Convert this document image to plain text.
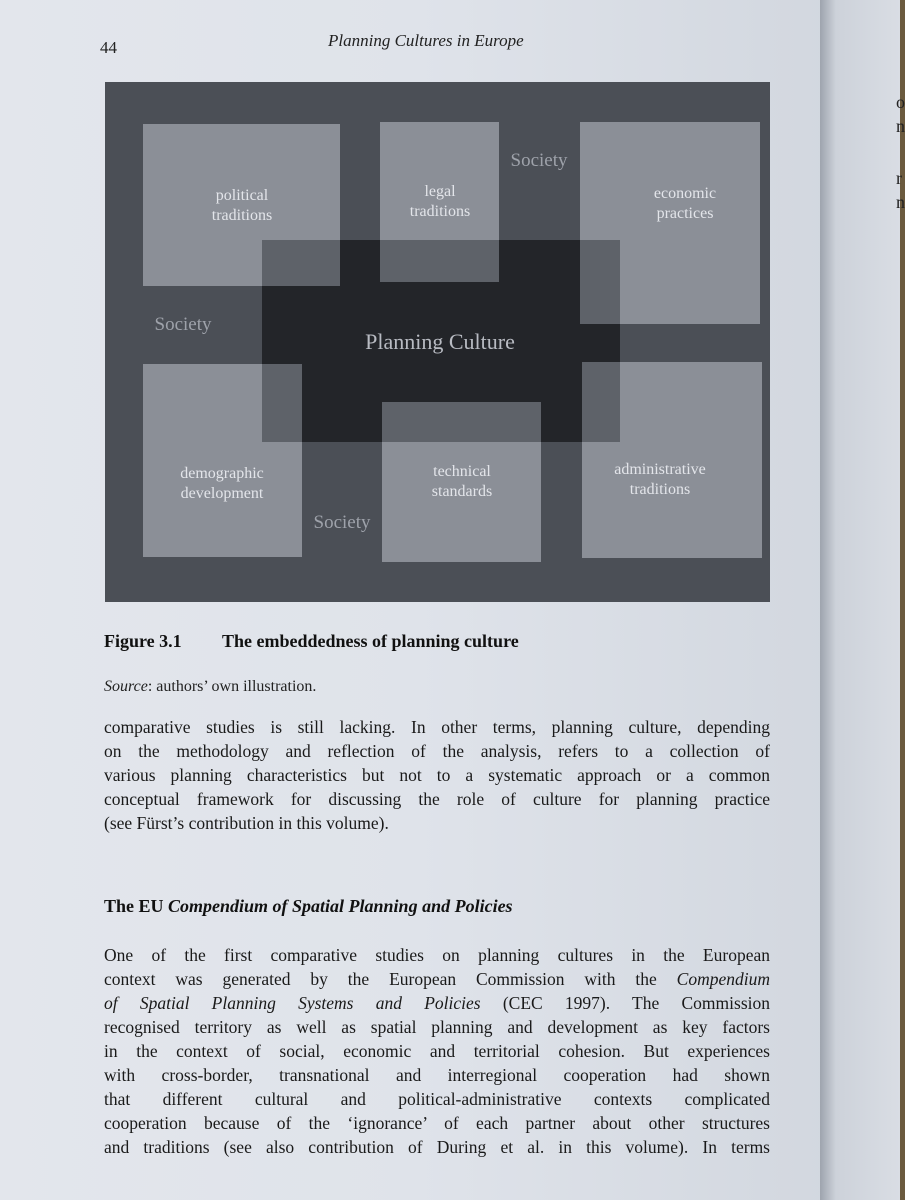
44	Planning Cultures in Europe
political
traditions
legal
traditions
economic
practices
demographic
development
technical
standards
administrative
traditions
Society
Society
Society
Planning Culture
Figure 3.1 The embeddedness of planning culture
Source: authors’ own illustration.
comparative studies is still lacking. In other terms, planning culture, depending
on the methodology and reflection of the analysis, refers to a collection of
various planning characteristics but not to a systematic approach or a common
conceptual framework for discussing the role of culture for planning practice
(see Fürst’s contribution in this volume).
The EU Compendium of Spatial Planning and Policies
One of the first comparative studies on planning cultures in the European
context was generated by the European Commission with the Compendium
of Spatial Planning Systems and Policies (CEC 1997). The Commission
recognised territory as well as spatial planning and development as key factors
in the context of social, economic and territorial cohesion. But experiences
with cross-border, transnational and interregional cooperation had shown
that different cultural and political-administrative contexts complicated
cooperation because of the ‘ignorance’ of each partner about other structures
and traditions (see also contribution of During et al. in this volume). In terms
o
n
r
n
